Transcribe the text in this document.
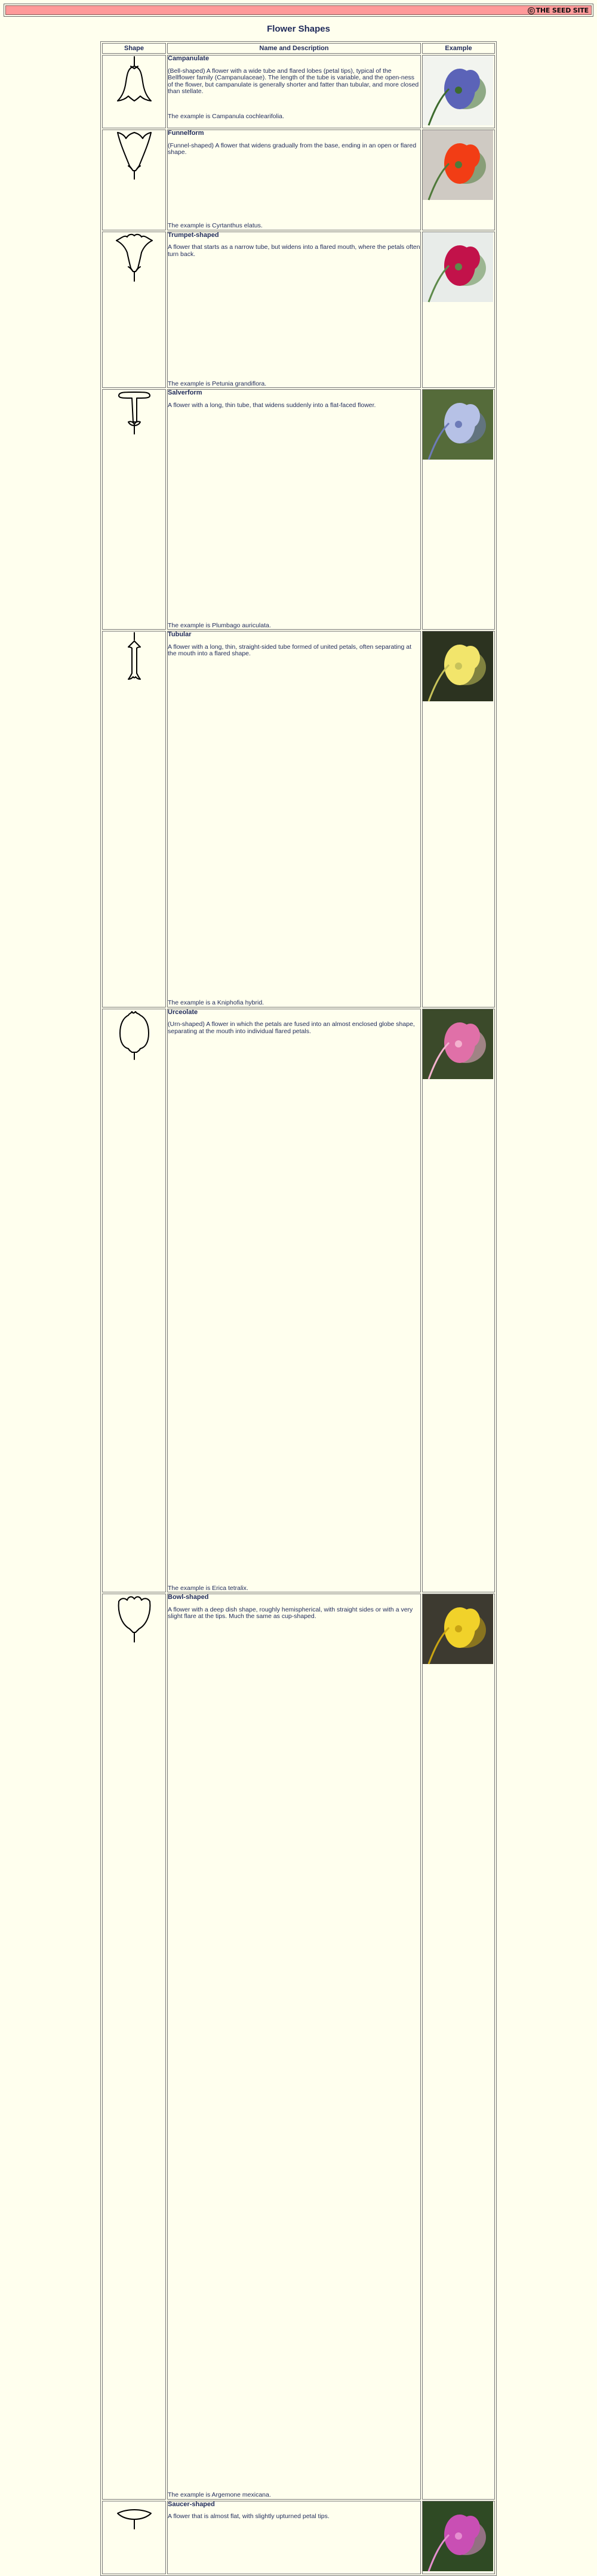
© THE SEED SITE
Flower Shapes
Shape	Name and Description	Example

Campanulate

(Bell-shaped) A flower with a wide tube and flared lobes (petal tips), typical of the Bellflower family (Campanulaceae). The length of the tube is variable, and the open-ness of the flower, but campanulate is generally shorter and fatter than tubular, and more closed than stellate.

The example is Campanula cochlearifolia.

Funnelform

(Funnel-shaped) A flower that widens gradually from the base, ending in an open or flared shape.

The example is Cyrtanthus elatus.

Trumpet-shaped

A flower that starts as a narrow tube, but widens into a flared mouth, where the petals often turn back.

The example is Petunia grandiflora.

Salverform

A flower with a long, thin tube, that widens suddenly into a flat-faced flower.

The example is Plumbago auriculata.

Tubular

A flower with a long, thin, straight-sided tube formed of united petals, often separating at the mouth into a flared shape.

The example is a Kniphofia hybrid.

Urceolate

(Urn-shaped) A flower in which the petals are fused into an almost enclosed globe shape, separating at the mouth into individual flared petals.

The example is Erica tetralix.

Bowl-shaped

A flower with a deep dish shape, roughly hemispherical, with straight sides or with a very slight flare at the tips. Much the same as cup-shaped.

The example is Argemone mexicana.

Saucer-shaped

A flower that is almost flat, with slightly upturned petal tips.
